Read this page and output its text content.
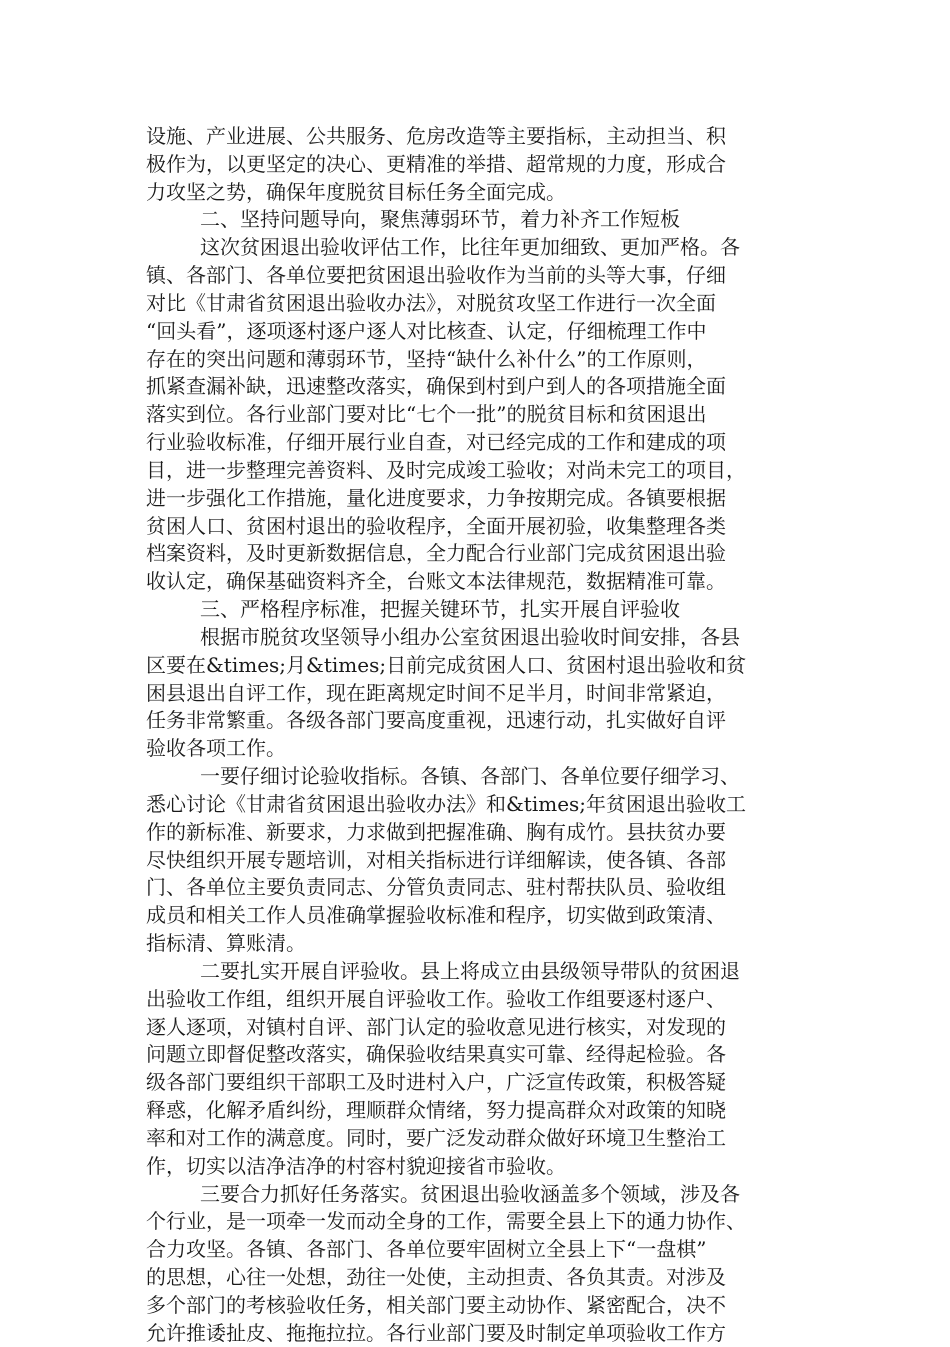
设施、产业进展、公共服务、危房改造等主要指标，主动担当、积

极作为，以更坚定的决心、更精准的举措、超常规的力度，形成合

力攻坚之势，确保年度脱贫目标任务全面完成。

二、坚持问题导向，聚焦薄弱环节，着力补齐工作短板

这次贫困退出验收评估工作，比往年更加细致、更加严格。各

镇、各部门、各单位要把贫困退出验收作为当前的头等大事，仔细

对比《甘肃省贫困退出验收办法》，对脱贫攻坚工作进行一次全面

“回头看”，逐项逐村逐户逐人对比核查、认定，仔细梳理工作中

存在的突出问题和薄弱环节，坚持“缺什么补什么”的工作原则，

抓紧查漏补缺，迅速整改落实，确保到村到户到人的各项措施全面

落实到位。各行业部门要对比“七个一批”的脱贫目标和贫困退出

行业验收标准，仔细开展行业自查，对已经完成的工作和建成的项

目，进一步整理完善资料、及时完成竣工验收；对尚未完工的项目，

进一步强化工作措施，量化进度要求，力争按期完成。各镇要根据

贫困人口、贫困村退出的验收程序，全面开展初验，收集整理各类

档案资料，及时更新数据信息，全力配合行业部门完成贫困退出验

收认定，确保基础资料齐全，台账文本法律规范，数据精准可靠。

三、严格程序标准，把握关键环节，扎实开展自评验收

根据市脱贫攻坚领导小组办公室贫困退出验收时间安排，各县

区要在&times;月&times;日前完成贫困人口、贫困村退出验收和贫

困县退出自评工作，现在距离规定时间不足半月，时间非常紧迫，

任务非常繁重。各级各部门要高度重视，迅速行动，扎实做好自评

验收各项工作。

一要仔细讨论验收指标。各镇、各部门、各单位要仔细学习、

悉心讨论《甘肃省贫困退出验收办法》和&times;年贫困退出验收工

作的新标准、新要求，力求做到把握准确、胸有成竹。县扶贫办要

尽快组织开展专题培训，对相关指标进行详细解读，使各镇、各部

门、各单位主要负责同志、分管负责同志、驻村帮扶队员、验收组

成员和相关工作人员准确掌握验收标准和程序，切实做到政策清、

指标清、算账清。

二要扎实开展自评验收。县上将成立由县级领导带队的贫困退

出验收工作组，组织开展自评验收工作。验收工作组要逐村逐户、

逐人逐项，对镇村自评、部门认定的验收意见进行核实，对发现的

问题立即督促整改落实，确保验收结果真实可靠、经得起检验。各

级各部门要组织干部职工及时进村入户，广泛宣传政策，积极答疑

释惑，化解矛盾纠纷，理顺群众情绪，努力提高群众对政策的知晓

率和对工作的满意度。同时，要广泛发动群众做好环境卫生整治工

作，切实以洁净洁净的村容村貌迎接省市验收。

三要合力抓好任务落实。贫困退出验收涵盖多个领域，涉及各

个行业，是一项牵一发而动全身的工作，需要全县上下的通力协作、

合力攻坚。各镇、各部门、各单位要牢固树立全县上下“一盘棋”

的思想，心往一处想，劲往一处使，主动担责、各负其责。对涉及

多个部门的考核验收任务，相关部门要主动协作、紧密配合，决不

允许推诿扯皮、拖拖拉拉。各行业部门要及时制定单项验收工作方
